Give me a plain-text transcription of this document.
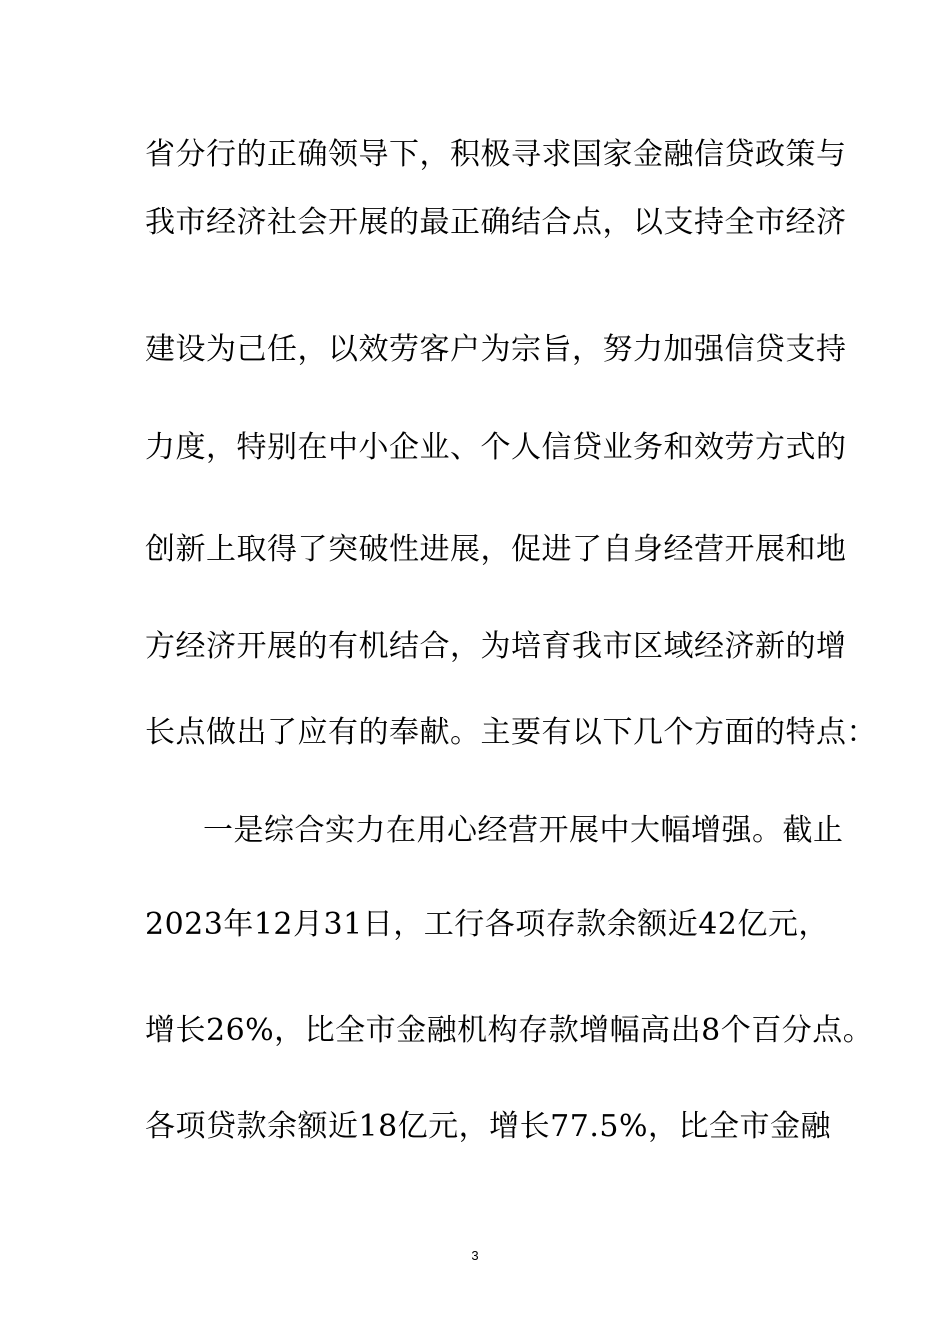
省分行的正确领导下，积极寻求国家金融信贷政策与
我市经济社会开展的最正确结合点，以支持全市经济
建设为己任，以效劳客户为宗旨，努力加强信贷支持
力度，特别在中小企业、个人信贷业务和效劳方式的
创新上取得了突破性进展，促进了自身经营开展和地
方经济开展的有机结合，为培育我市区域经济新的增
长点做出了应有的奉献。主要有以下几个方面的特点：
一是综合实力在用心经营开展中大幅增强。截止
2023年12月31日，工行各项存款余额近42亿元，
增长26%，比全市金融机构存款增幅高出8个百分点。
各项贷款余额近18亿元，增长77.5%，比全市金融
3
